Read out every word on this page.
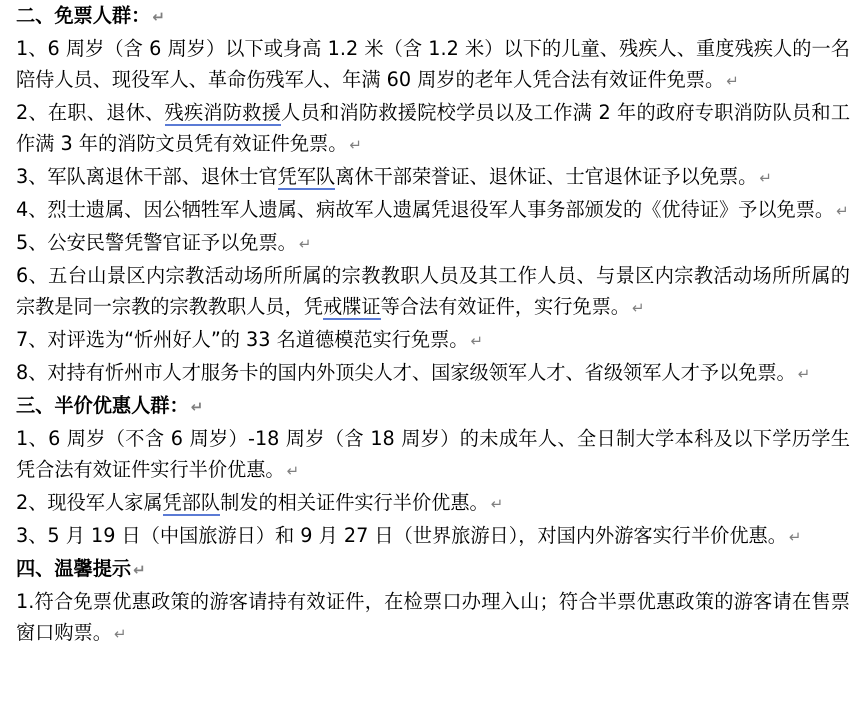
二、免票人群： ↵

1、6 周岁（含 6 周岁）以下或身高 1.2 米（含 1.2 米）以下的儿童、残疾人、重度残疾人的一名陪侍人员、现役军人、革命伤残军人、年满 60 周岁的老年人凭合法有效证件免票。 ↵

2、在职、退休、残疾消防救援人员和消防救援院校学员以及工作满 2 年的政府专职消防队员和工作满 3 年的消防文员凭有效证件免票。 ↵

3、军队离退休干部、退休士官凭军队离休干部荣誉证、退休证、士官退休证予以免票。 ↵

4、烈士遗属、因公牺牲军人遗属、病故军人遗属凭退役军人事务部颁发的《优待证》予以免票。 ↵

5、公安民警凭警官证予以免票。 ↵

6、五台山景区内宗教活动场所所属的宗教教职人员及其工作人员、与景区内宗教活动场所所属的宗教是同一宗教的宗教教职人员，凭戒牒证等合法有效证件，实行免票。 ↵

7、对评选为“忻州好人”的 33 名道德模范实行免票。 ↵

8、对持有忻州市人才服务卡的国内外顶尖人才、国家级领军人才、省级领军人才予以免票。 ↵

三、半价优惠人群： ↵

1、6 周岁（不含 6 周岁）-18 周岁（含 18 周岁）的未成年人、全日制大学本科及以下学历学生凭合法有效证件实行半价优惠。 ↵

2、现役军人家属凭部队制发的相关证件实行半价优惠。 ↵

3、5 月 19 日（中国旅游日）和 9 月 27 日（世界旅游日），对国内外游客实行半价优惠。 ↵

四、温馨提示 ↵

1.符合免票优惠政策的游客请持有效证件，在检票口办理入山；符合半票优惠政策的游客请在售票窗口购票。 ↵
